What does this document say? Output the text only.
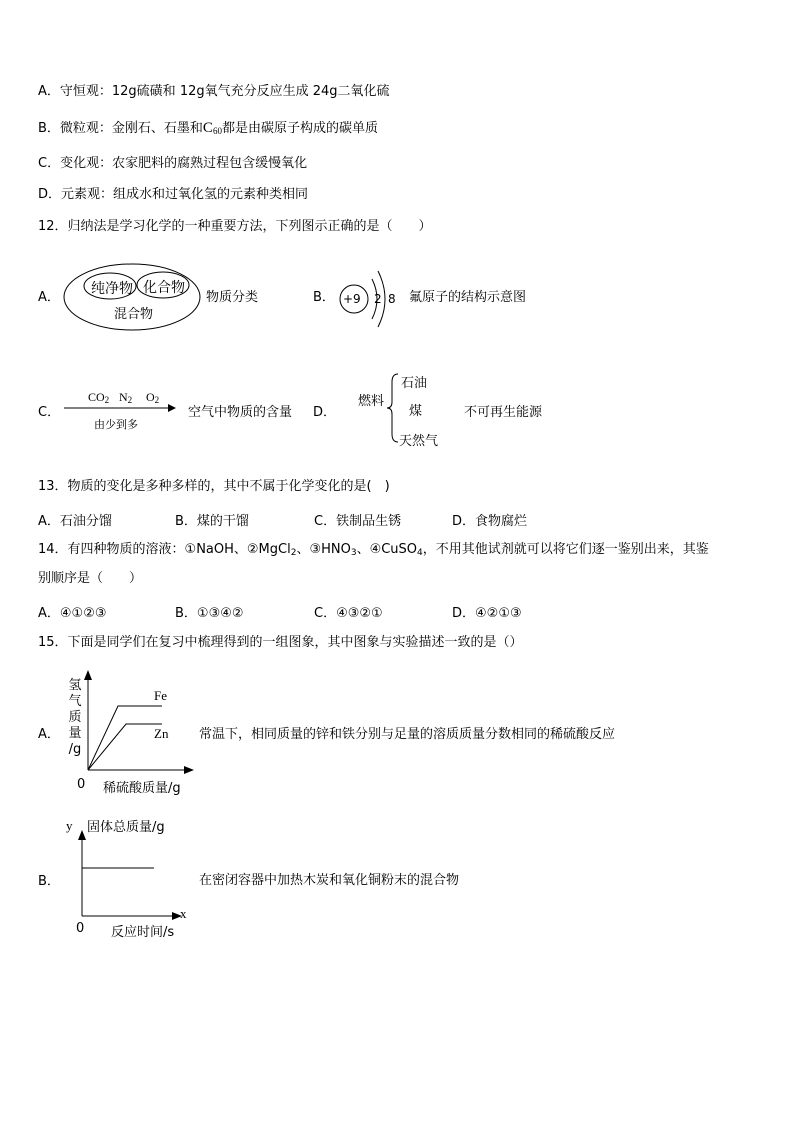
A．守恒观：12g硫磺和 12g氧气充分反应生成 24g二氧化硫
B．微粒观：金刚石、石墨和$C_{60}$都是由碳原子构成的碳单质
C．变化观：农家肥料的腐熟过程包含缓慢氧化
D．元素观：组成水和过氧化氢的元素种类相同
12．归纳法是学习化学的一种重要方法，下列图示正确的是（　　）
A．
纯净物 化合物
混合物
物质分类	B． +9 2 8 氟原子的结构示意图
C．
$CO_2$ $N_2$ $O_2$
由少到多
空气中物质的含量 D．
燃料
石油
煤
天然气
不可再生能源
13．物质的变化是多种多样的，其中不属于化学变化的是(　)
A．石油分馏	B．煤的干馏	C．铁制品生锈	D．食物腐烂
14．有四种物质的溶液：①NaOH、②MgCl$_2$、$③HNO_3$、④CuSO$_4$，不用其他试剂就可以将它们逐一鉴别出来，其鉴
别顺序是（　　）
A．④①②③	B．①③④②	C．④③②①	D．④②①③
15．下面是同学们在复习中梳理得到的一组图象，其中图象与实验描述一致的是（）
A．
氢
气
质
量
/g
Fe
Zn
0 稀硫酸质量/g
常温下，相同质量的锌和铁分别与足量的溶质质量分数相同的稀硫酸反应
B．
y 固体总质量/g
x
0 反应时间/s
在密闭容器中加热木炭和氧化铜粉末的混合物
